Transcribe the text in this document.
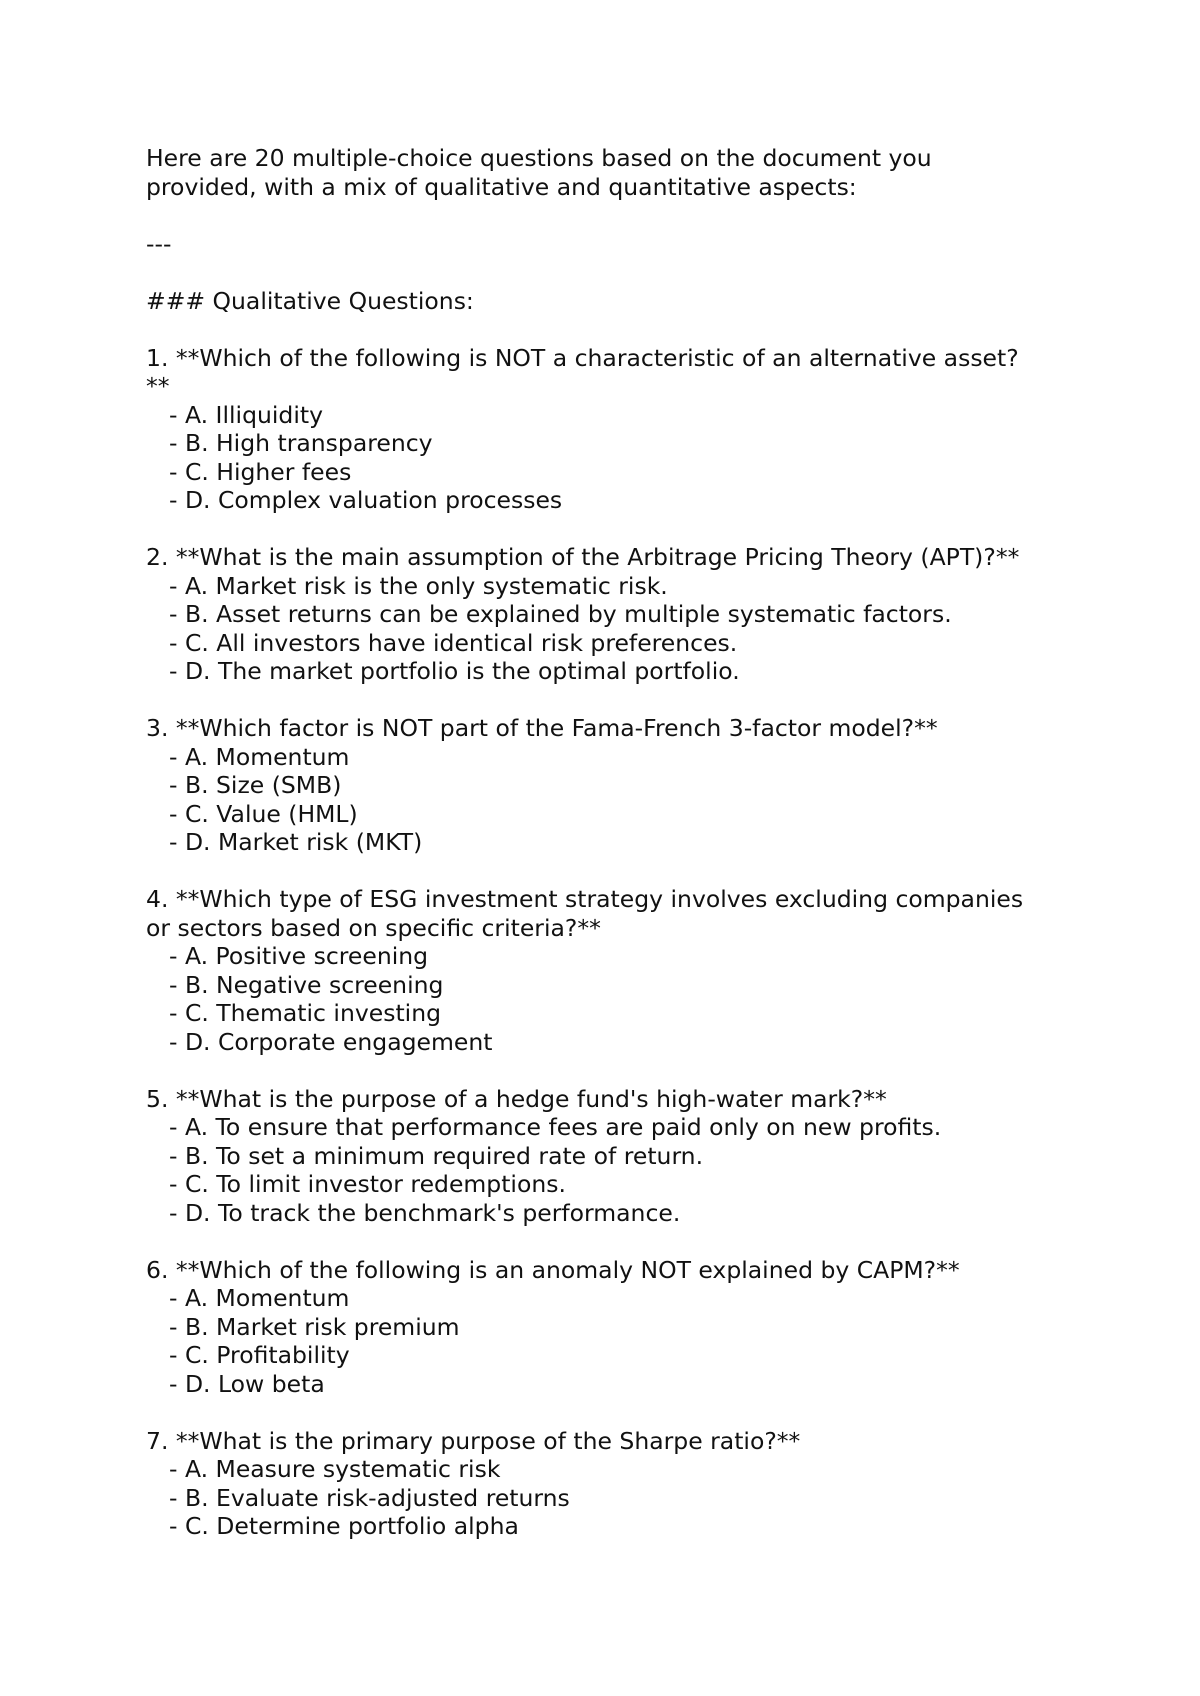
Here are 20 multiple-choice questions based on the document you
provided, with a mix of qualitative and quantitative aspects:
---
### Qualitative Questions:
1. **Which of the following is NOT a characteristic of an alternative asset?
**
- A. Illiquidity
- B. High transparency
- C. Higher fees
- D. Complex valuation processes
2. **What is the main assumption of the Arbitrage Pricing Theory (APT)?**
- A. Market risk is the only systematic risk.
- B. Asset returns can be explained by multiple systematic factors.
- C. All investors have identical risk preferences.
- D. The market portfolio is the optimal portfolio.
3. **Which factor is NOT part of the Fama-French 3-factor model?**
- A. Momentum
- B. Size (SMB)
- C. Value (HML)
- D. Market risk (MKT)
4. **Which type of ESG investment strategy involves excluding companies
or sectors based on specific criteria?**
- A. Positive screening
- B. Negative screening
- C. Thematic investing
- D. Corporate engagement
5. **What is the purpose of a hedge fund's high-water mark?**
- A. To ensure that performance fees are paid only on new profits.
- B. To set a minimum required rate of return.
- C. To limit investor redemptions.
- D. To track the benchmark's performance.
6. **Which of the following is an anomaly NOT explained by CAPM?**
- A. Momentum
- B. Market risk premium
- C. Profitability
- D. Low beta
7. **What is the primary purpose of the Sharpe ratio?**
- A. Measure systematic risk
- B. Evaluate risk-adjusted returns
- C. Determine portfolio alpha
